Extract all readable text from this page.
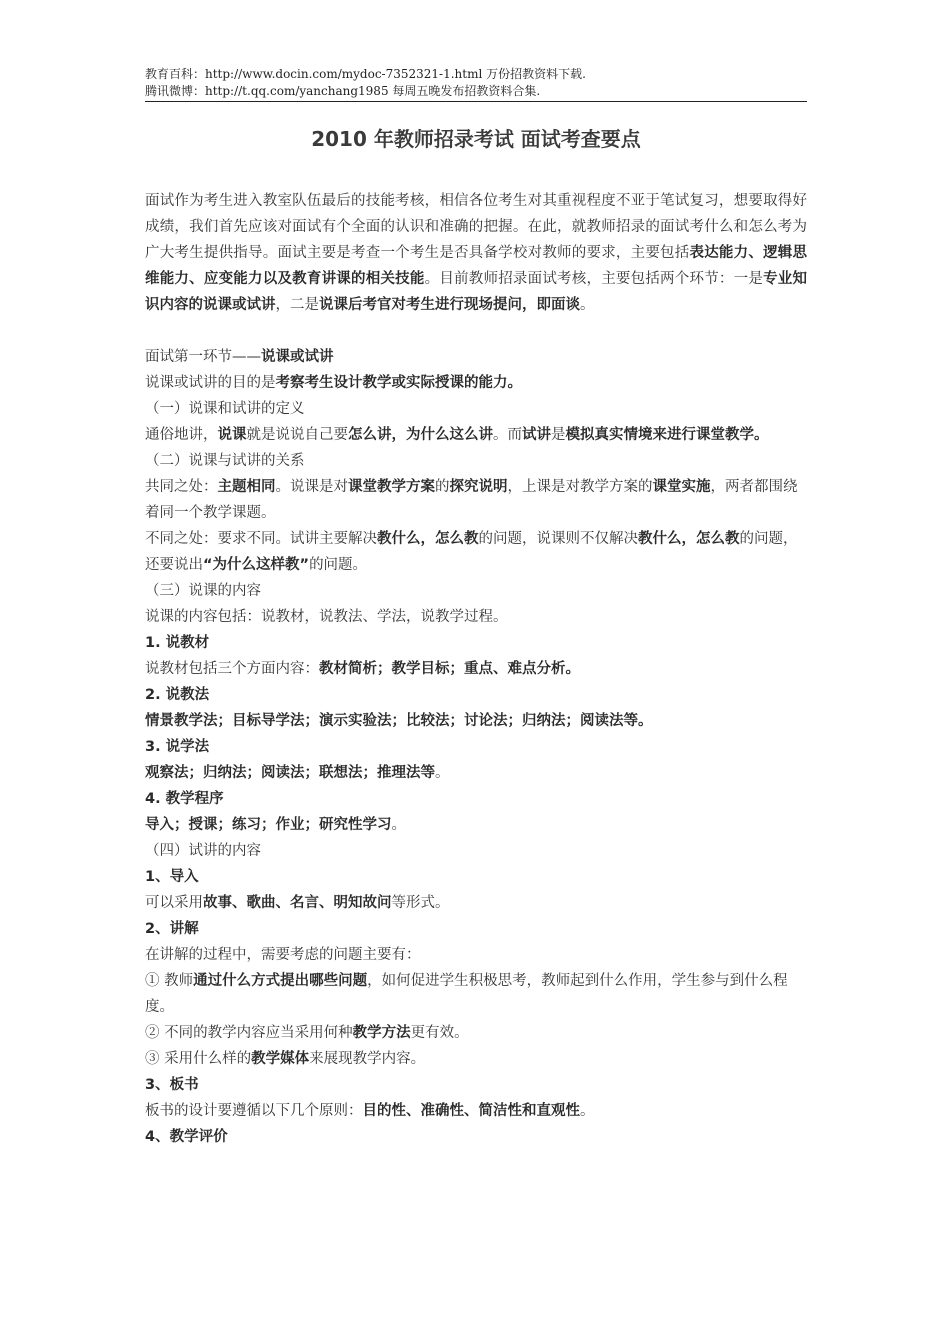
教育百科：http://www.docin.com/mydoc-7352321-1.html 万份招教资料下载.
腾讯微博：http://t.qq.com/yanchang1985 每周五晚发布招教资料合集.
2010 年教师招录考试 面试考查要点

面试作为考生进入教室队伍最后的技能考核，相信各位考生对其重视程度不亚于笔试复习，想要取得好成绩，我们首先应该对面试有个全面的认识和准确的把握。在此，就教师招录的面试考什么和怎么考为广大考生提供指导。面试主要是考查一个考生是否具备学校对教师的要求，主要包括表达能力、逻辑思维能力、应变能力以及教育讲课的相关技能。目前教师招录面试考核，主要包括两个环节：一是专业知识内容的说课或试讲，二是说课后考官对考生进行现场提问，即面谈。

面试第一环节——说课或试讲

说课或试讲的目的是考察考生设计教学或实际授课的能力。

（一）说课和试讲的定义

通俗地讲，说课就是说说自己要怎么讲，为什么这么讲。而试讲是模拟真实情境来进行课堂教学。

（二）说课与试讲的关系

共同之处：主题相同。说课是对课堂教学方案的探究说明，上课是对教学方案的课堂实施，两者都围绕着同一个教学课题。

不同之处：要求不同。试讲主要解决教什么，怎么教的问题，说课则不仅解决教什么，怎么教的问题，还要说出“为什么这样教”的问题。

（三）说课的内容

说课的内容包括：说教材，说教法、学法，说教学过程。

1. 说教材

说教材包括三个方面内容：教材简析；教学目标；重点、难点分析。

2. 说教法

情景教学法；目标导学法；演示实验法；比较法；讨论法；归纳法；阅读法等。

3. 说学法

观察法；归纳法；阅读法；联想法；推理法等。

4. 教学程序

导入；授课；练习；作业；研究性学习。

（四）试讲的内容

1、导入

可以采用故事、歌曲、名言、明知故问等形式。

2、讲解

在讲解的过程中，需要考虑的问题主要有：

① 教师通过什么方式提出哪些问题，如何促进学生积极思考，教师起到什么作用，学生参与到什么程度。

② 不同的教学内容应当采用何种教学方法更有效。

③ 采用什么样的教学媒体来展现教学内容。

3、板书

板书的设计要遵循以下几个原则：目的性、准确性、简洁性和直观性。

4、教学评价
